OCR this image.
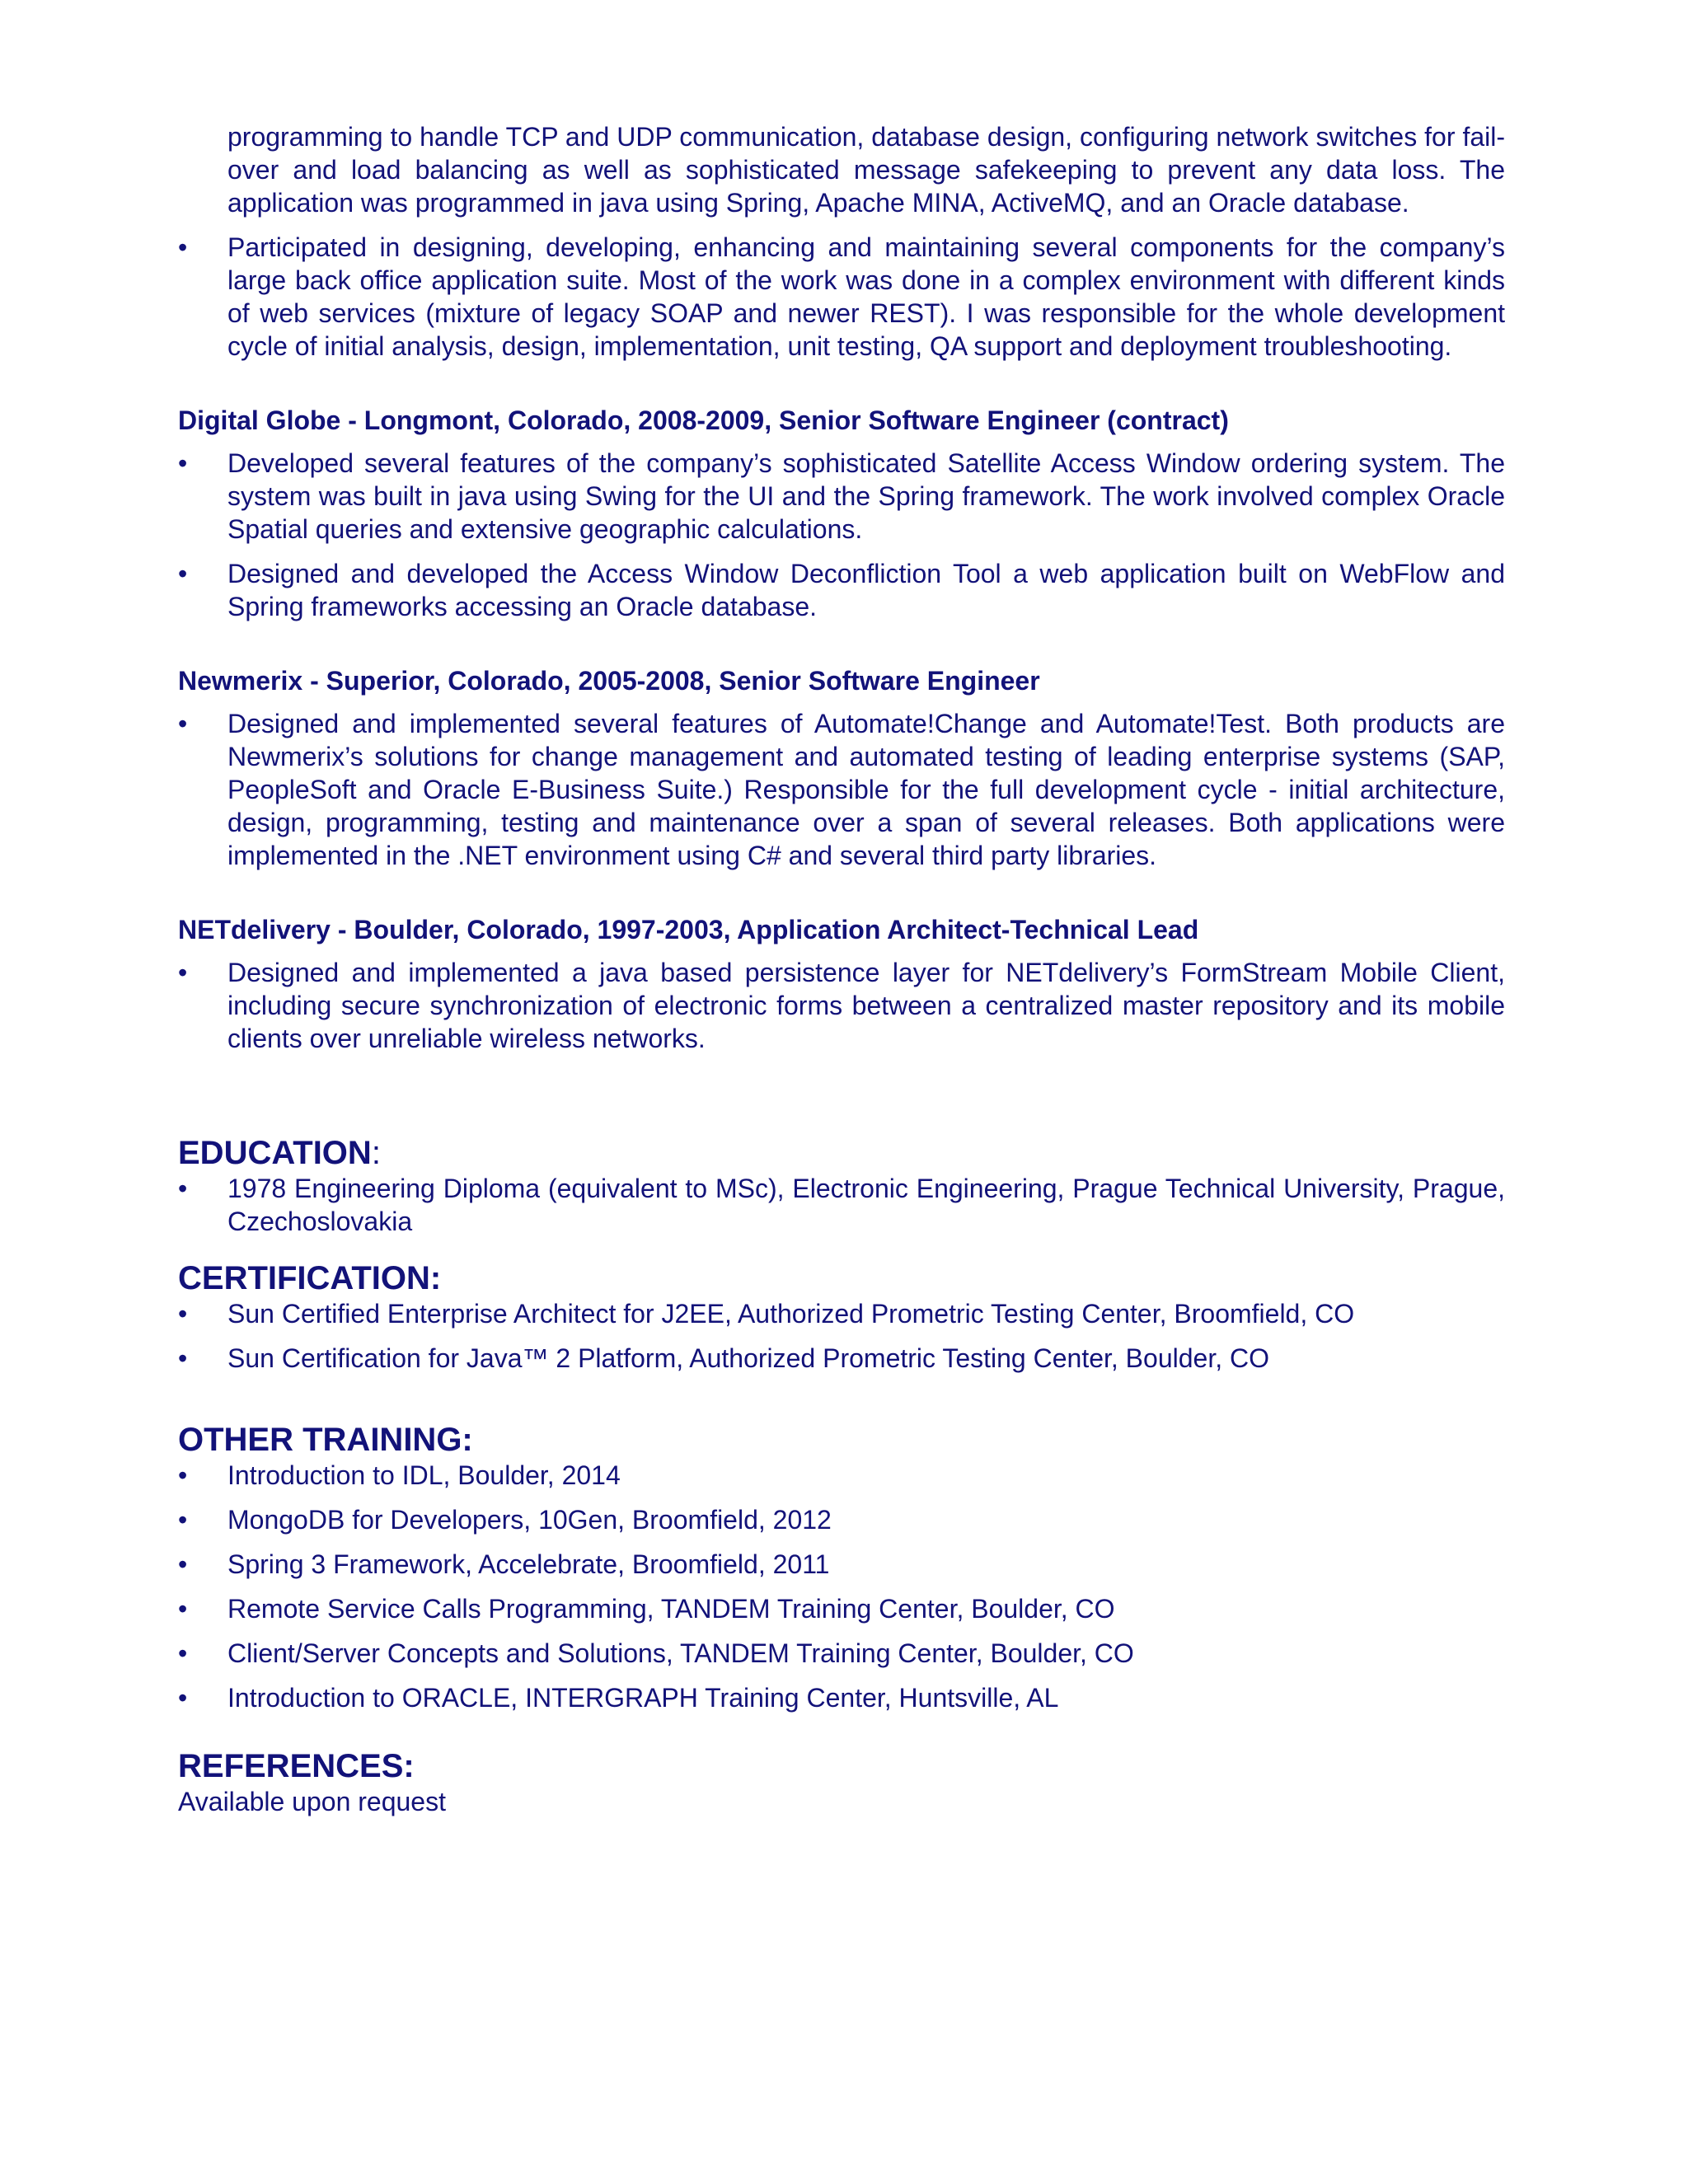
programming to handle TCP and UDP communication, database design, configuring network switches for fail-over and load balancing as well as sophisticated message safekeeping to prevent any data loss. The application was programmed in java using Spring, Apache MINA, ActiveMQ, and an Oracle database.

•	Participated in designing, developing, enhancing and maintaining several components for the company’s large back office application suite. Most of the work was done in a complex environment with different kinds of web services (mixture of legacy SOAP and newer REST). I was responsible for the whole development cycle of initial analysis, design, implementation, unit testing, QA support and deployment troubleshooting.
Digital Globe - Longmont, Colorado, 2008-2009, Senior Software Engineer (contract)
•	Developed several features of the company’s sophisticated Satellite Access Window ordering system. The system was built in java using Swing for the UI and the Spring framework. The work involved complex Oracle Spatial queries and extensive geographic calculations.
•	Designed and developed the Access Window Deconfliction Tool a web application built on WebFlow and Spring frameworks accessing an Oracle database.
Newmerix - Superior, Colorado, 2005-2008, Senior Software Engineer
•	Designed and implemented several features of Automate!Change and Automate!Test. Both products are Newmerix’s solutions for change management and automated testing of leading enterprise systems (SAP, PeopleSoft and Oracle E-Business Suite.) Responsible for the full development cycle - initial architecture, design, programming, testing and maintenance over a span of several releases. Both applications were implemented in the .NET environment using C# and several third party libraries.
NETdelivery - Boulder, Colorado, 1997-2003, Application Architect-Technical Lead
•	Designed and implemented a java based persistence layer for NETdelivery’s FormStream Mobile Client, including secure synchronization of electronic forms between a centralized master repository and its mobile clients over unreliable wireless networks.
EDUCATION:
•	1978 Engineering Diploma (equivalent to MSc), Electronic Engineering, Prague Technical University, Prague, Czechoslovakia
CERTIFICATION:
•	Sun Certified Enterprise Architect for J2EE, Authorized Prometric Testing Center, Broomfield, CO
•	Sun Certification for Java™ 2 Platform, Authorized Prometric Testing Center, Boulder, CO
OTHER TRAINING:
•	Introduction to IDL, Boulder, 2014
•	MongoDB for Developers, 10Gen, Broomfield, 2012
•	Spring 3 Framework, Accelebrate, Broomfield, 2011
•	Remote Service Calls Programming, TANDEM Training Center, Boulder, CO
•	Client/Server Concepts and Solutions, TANDEM Training Center, Boulder, CO
•	Introduction to ORACLE, INTERGRAPH Training Center, Huntsville, AL
REFERENCES:

Available upon request
